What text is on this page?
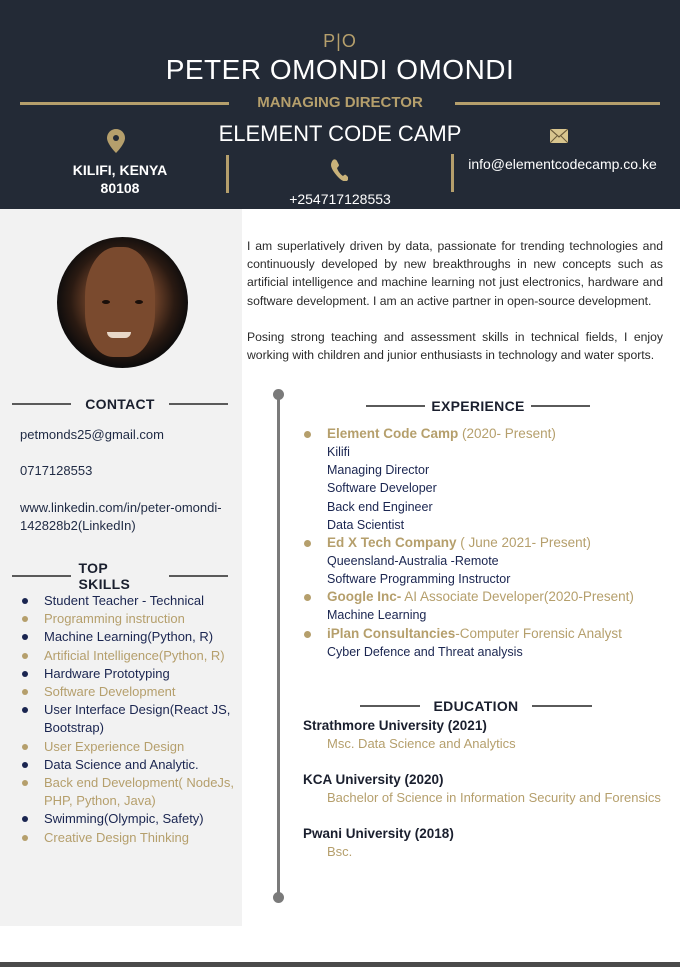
P|O
PETER OMONDI OMONDI
MANAGING DIRECTOR
ELEMENT CODE CAMP
KILIFI, KENYA
80108
+254717128553
info@elementcodecamp.co.ke
CONTACT
petmonds25@gmail.com
0717128553
www.linkedin.com/in/peter-omondi-
142828b2(LinkedIn)
TOP SKILLS
Student Teacher - Technical
Programming instruction
Machine Learning(Python, R)
Artificial Intelligence(Python, R)
Hardware Prototyping
Software Development
User Interface Design(React JS, Bootstrap)
User Experience Design
Data Science and Analytic.
Back end Development( NodeJs, PHP, Python, Java)
Swimming(Olympic, Safety)
Creative Design Thinking

I am superlatively driven by data, passionate for trending technologies and continuously developed by new breakthroughs in new concepts such as artificial intelligence and machine learning not just electronics, hardware and software development. I am an active partner in open-source development.

Posing strong teaching and assessment skills in technical fields, I enjoy working with children and junior enthusiasts in technology and water sports.

EXPERIENCE
Element Code Camp (2020- Present)
Kilifi
Managing Director
Software Developer
Back end Engineer
Data Scientist
Ed X Tech Company ( June 2021- Present)
Queensland-Australia -Remote
Software Programming Instructor
Google Inc- AI Associate Developer(2020-Present)
Machine Learning
iPlan Consultancies-Computer Forensic Analyst
Cyber Defence and Threat analysis
EDUCATION
Strathmore University (2021)
Msc. Data Science and Analytics
KCA University (2020)
Bachelor of Science in Information Security and Forensics
Pwani University (2018)
Bsc.
